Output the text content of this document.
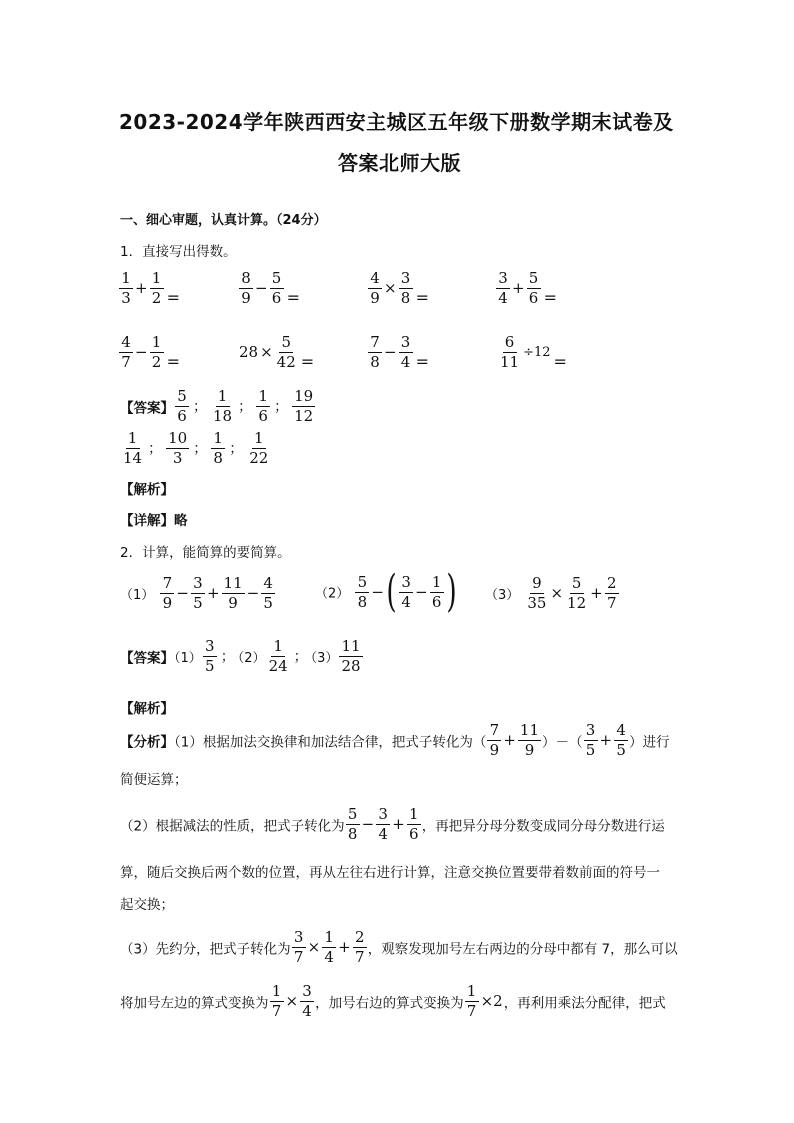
2023-2024学年陕西西安主城区五年级下册数学期末试卷及
答案北师大版
一、细心审题，认真计算。（24分）
1．直接写出得数。
$\frac{1}{3} + \frac{1}{2}$ =	$\frac{8}{9} - \frac{5}{6}$ =	$\frac{4}{9} \times \frac{3}{8}$ =	$\frac{3}{4} + \frac{5}{6}$ =
$\frac{4}{7} - \frac{1}{2}$ =	$28 \times \frac{5}{42}$ =	$\frac{7}{8} - \frac{3}{4}$ =	$\frac{6}{11} \div 12$ =
【答案】 $\frac{5}{6}$ ； $\frac{1}{18}$ ； $\frac{1}{6}$ ； $\frac{19}{12}$
$\frac{1}{14}$ ； $\frac{10}{3}$ ； $\frac{1}{8}$ ； $\frac{1}{22}$
【解析】
【详解】略
2．计算，能简算的要简算。
$(1) \frac{7}{9} - \frac{3}{5} + \frac{11}{9} - \frac{4}{5}$	$(2) \frac{5}{8}$ −( $\frac{3}{4} - \frac{1}{6}$ ) $(3) \frac{9}{35} \times \frac{5}{12} + \frac{2}{7}$
【答案】$(1) \frac{3}{5}$ ； $(2) \frac{1}{24}$ ； $(3) \frac{11}{28}$
【解析】
【分析】（1）根据加法交换律和加法结合律，把式子转化为（ $\frac{7}{9} + \frac{11}{9}$ ）－（ $\frac{3}{5} + \frac{4}{5}$ ）进行
简便运算；
（2）根据减法的性质，把式子转化为 $\frac{5}{8} - \frac{3}{4} + \frac{1}{6}$ ，再把异分母分数变成同分母分数进行运
算，随后交换后两个数的位置，再从左往右进行计算，注意交换位置要带着数前面的符号一
起交换；
（3）先约分，把式子转化为 $\frac{3}{7} \times \frac{1}{4} + \frac{2}{7}$ ，观察发现加号左右两边的分母中都有 7，那么可以
将加号左边的算式变换为 $\frac{1}{7} \times \frac{3}{4}$ ，加号右边的算式变换为 $\frac{1}{7} \times 2$，再利用乘法分配律，把式
